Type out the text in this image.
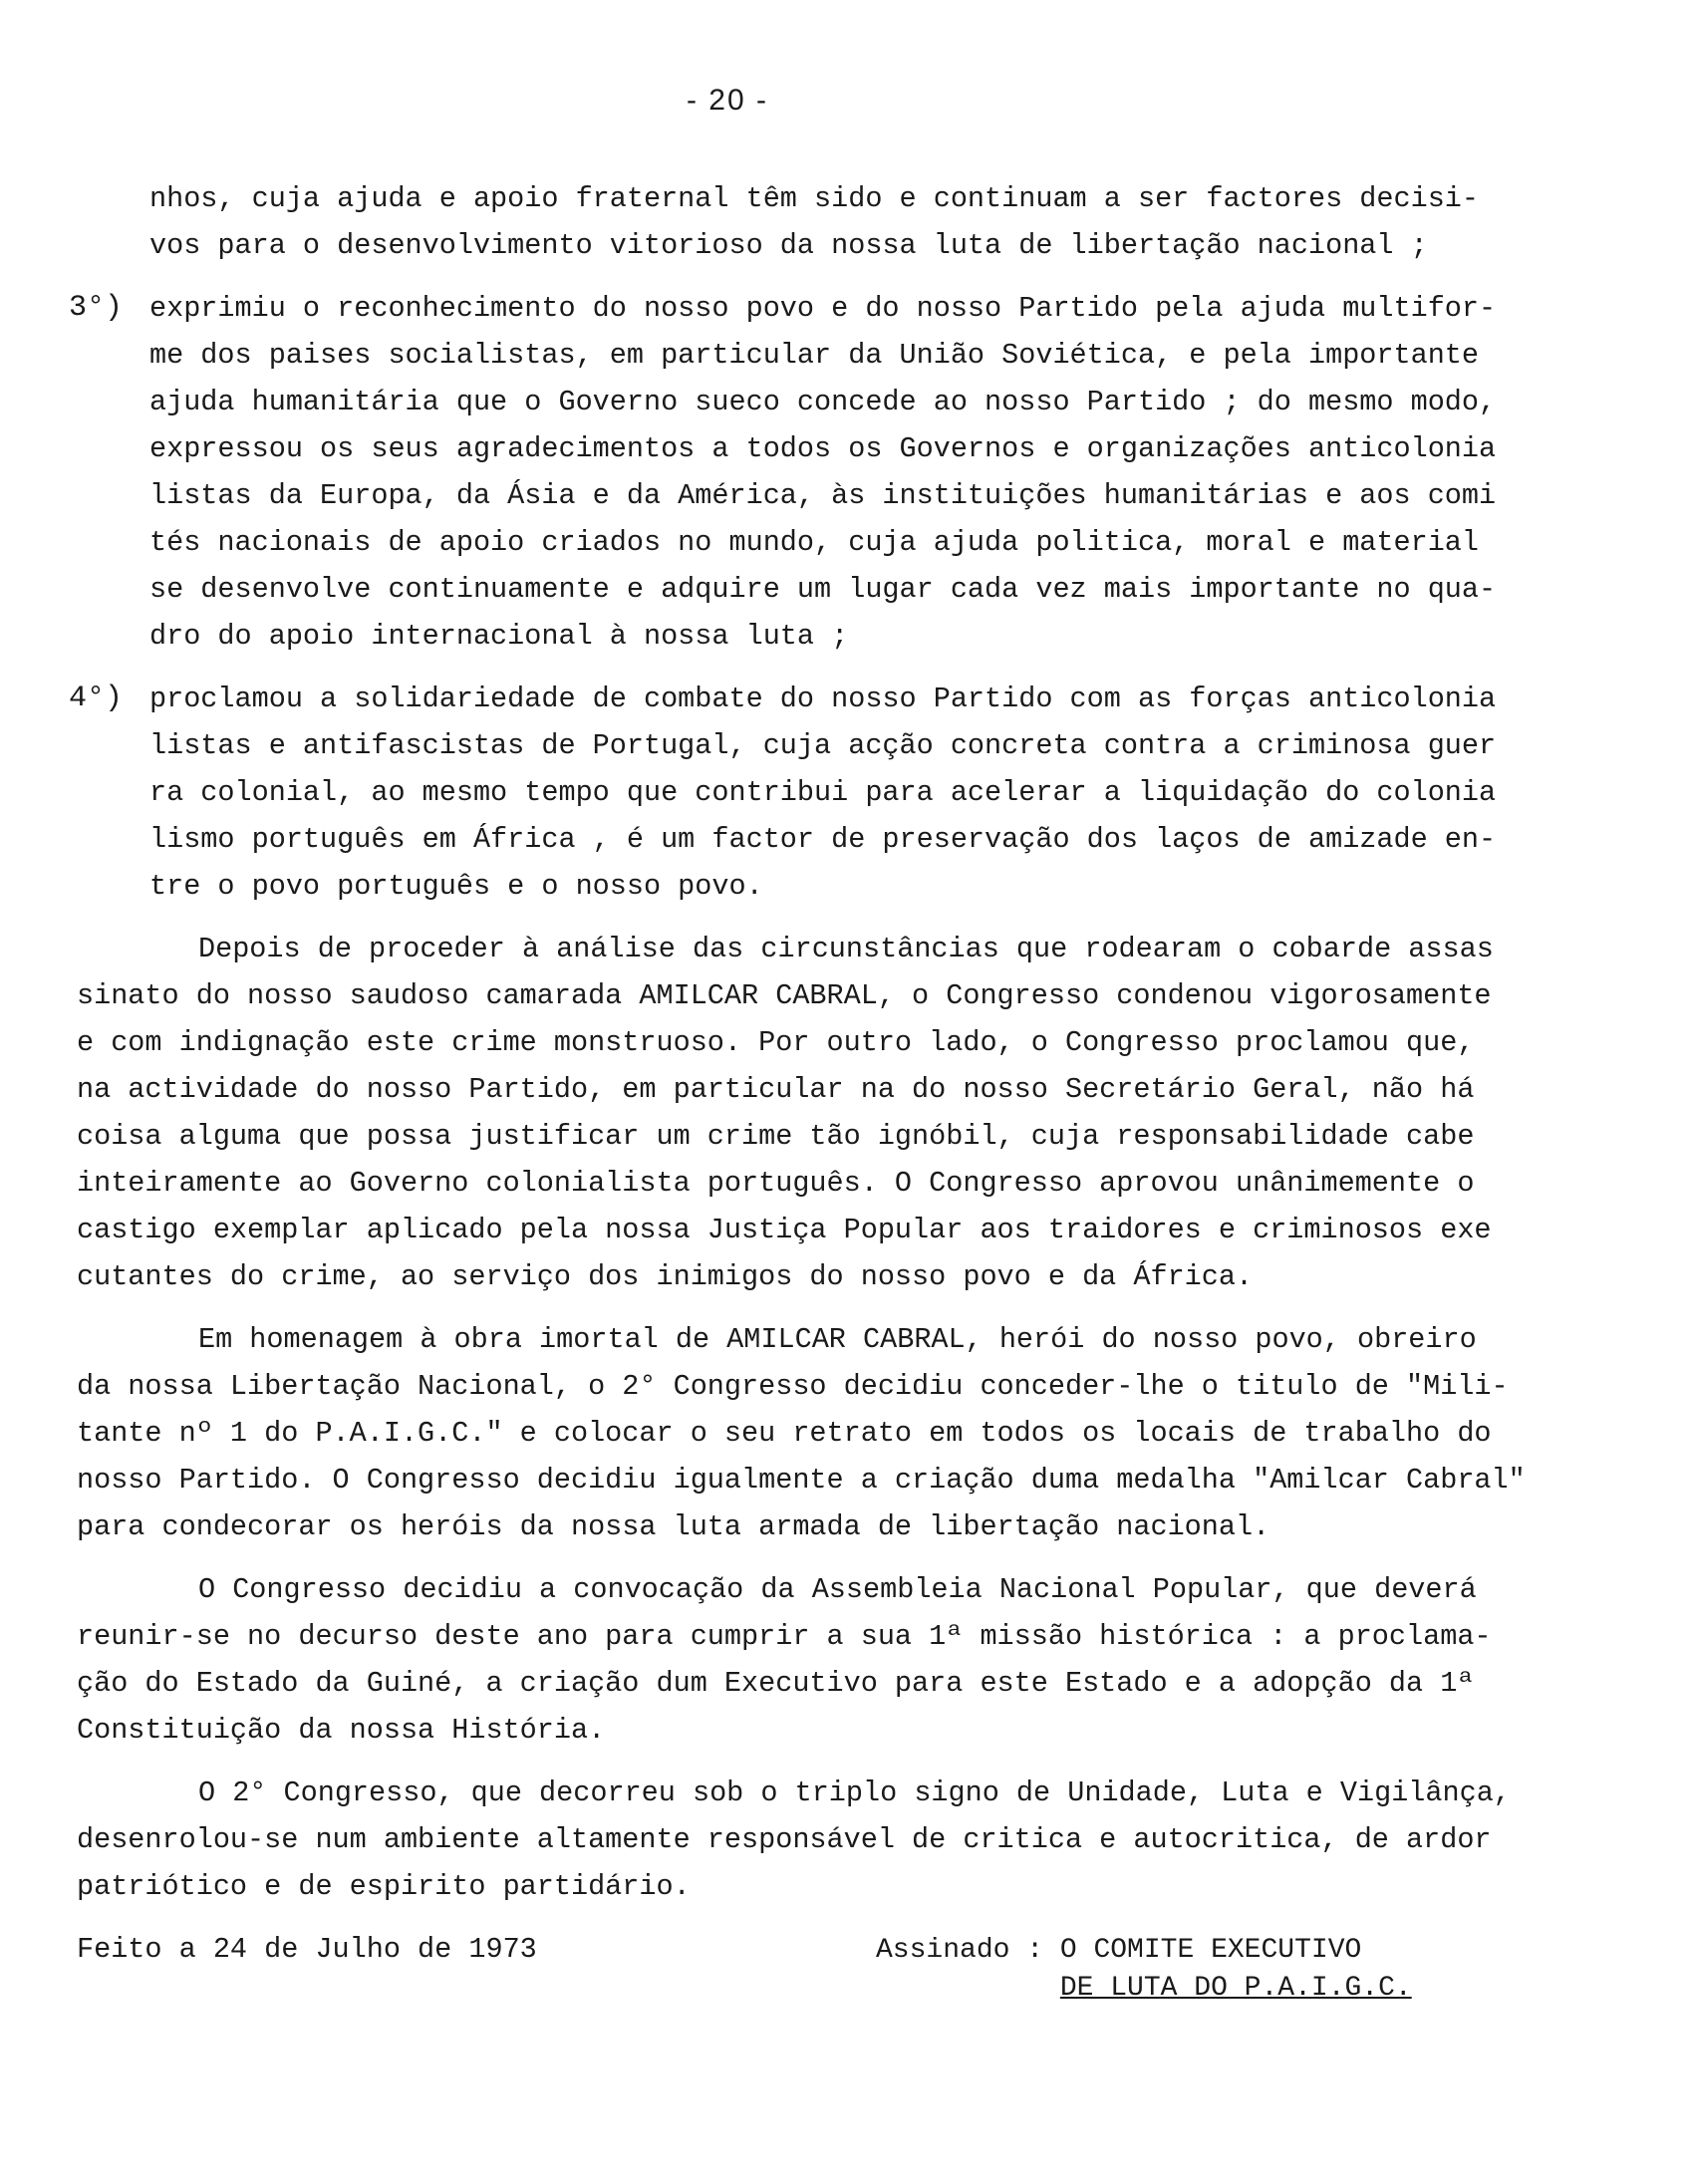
- 20 -
nhos, cuja ajuda e apoio fraternal têm sido e continuam a ser factores decisi-
vos para o desenvolvimento vitorioso da nossa luta de libertação nacional ;
3°) exprimiu o reconhecimento do nosso povo e do nosso Partido pela ajuda multifor-
me dos paises socialistas, em particular da União Soviética, e pela importante
ajuda humanitária que o Governo sueco concede ao nosso Partido ; do mesmo modo,
expressou os seus agradecimentos a todos os Governos e organizações anticolonia
listas da Europa, da Ásia e da América, às instituições humanitárias e aos comi
tés nacionais de apoio criados no mundo, cuja ajuda politica, moral e material
se desenvolve continuamente e adquire um lugar cada vez mais importante no qua-
dro do apoio internacional à nossa luta ;
4°) proclamou a solidariedade de combate do nosso Partido com as forças anticolonia
listas e antifascistas de Portugal, cuja acção concreta contra a criminosa guer
ra colonial, ao mesmo tempo que contribui para acelerar a liquidação do colonia
lismo português em África , é um factor de preservação dos laços de amizade en-
tre o povo português e o nosso povo.
Depois de proceder à análise das circunstâncias que rodearam o cobarde assas
sinato do nosso saudoso camarada AMILCAR CABRAL, o Congresso condenou vigorosamente
e com indignação este crime monstruoso. Por outro lado, o Congresso proclamou que,
na actividade do nosso Partido, em particular na do nosso Secretário Geral, não há
coisa alguma que possa justificar um crime tão ignóbil, cuja responsabilidade cabe
inteiramente ao Governo colonialista português. O Congresso aprovou unânimemente o
castigo exemplar aplicado pela nossa Justiça Popular aos traidores e criminosos exe
cutantes do crime, ao serviço dos inimigos do nosso povo e da África.
Em homenagem à obra imortal de AMILCAR CABRAL, herói do nosso povo, obreiro
da nossa Libertação Nacional, o 2° Congresso decidiu conceder-lhe o titulo de "Mili-
tante nº 1 do P.A.I.G.C." e colocar o seu retrato em todos os locais de trabalho do
nosso Partido. O Congresso decidiu igualmente a criação duma medalha "Amilcar Cabral"
para condecorar os heróis da nossa luta armada de libertação nacional.
O Congresso decidiu a convocação da Assembleia Nacional Popular, que deverá
reunir-se no decurso deste ano para cumprir a sua 1ª missão histórica : a proclama-
ção do Estado da Guiné, a criação dum Executivo para este Estado e a adopção da 1ª
Constituição da nossa História.
O 2° Congresso, que decorreu sob o triplo signo de Unidade, Luta e Vigilânça,
desenrolou-se num ambiente altamente responsável de critica e autocritica, de ardor
patriótico e de espirito partidário.
Feito a 24 de Julho de 1973	Assinado : O COMITE EXECUTIVO
DE LUTA DO P.A.I.G.C.
